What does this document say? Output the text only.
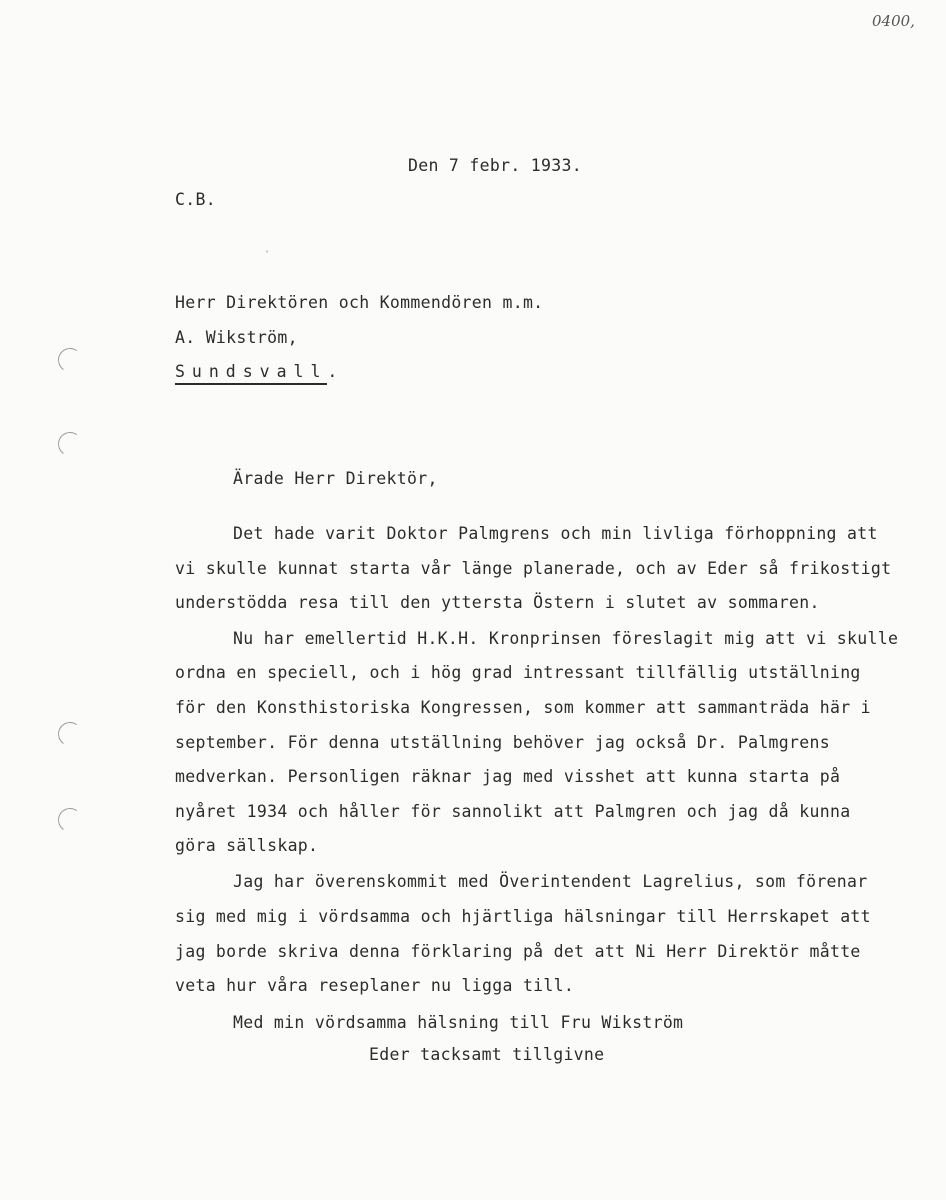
0400,
˅
Den 7 febr. 1933.
C.B.
Herr Direktören och Kommendören m.m.
A. Wikström,
Sundsvall.
Ärade Herr Direktör,
Det hade varit Doktor Palmgrens och min livliga förhoppning att
vi skulle kunnat starta vår länge planerade, och av Eder så frikostigt
understödda resa till den yttersta Östern i slutet av sommaren.
Nu har emellertid H.K.H. Kronprinsen föreslagit mig att vi skulle
ordna en speciell, och i hög grad intressant tillfällig utställning
för den Konsthistoriska Kongressen, som kommer att sammanträda här i
september. För denna utställning behöver jag också Dr. Palmgrens
medverkan. Personligen räknar jag med visshet att kunna starta på
nyåret 1934 och håller för sannolikt att Palmgren och jag då kunna
göra sällskap.
Jag har överenskommit med Överintendent Lagrelius, som förenar
sig med mig i vördsamma och hjärtliga hälsningar till Herrskapet att
jag borde skriva denna förklaring på det att Ni Herr Direktör måtte
veta hur våra reseplaner nu ligga till.
Med min vördsamma hälsning till Fru Wikström
Eder tacksamt tillgivne
